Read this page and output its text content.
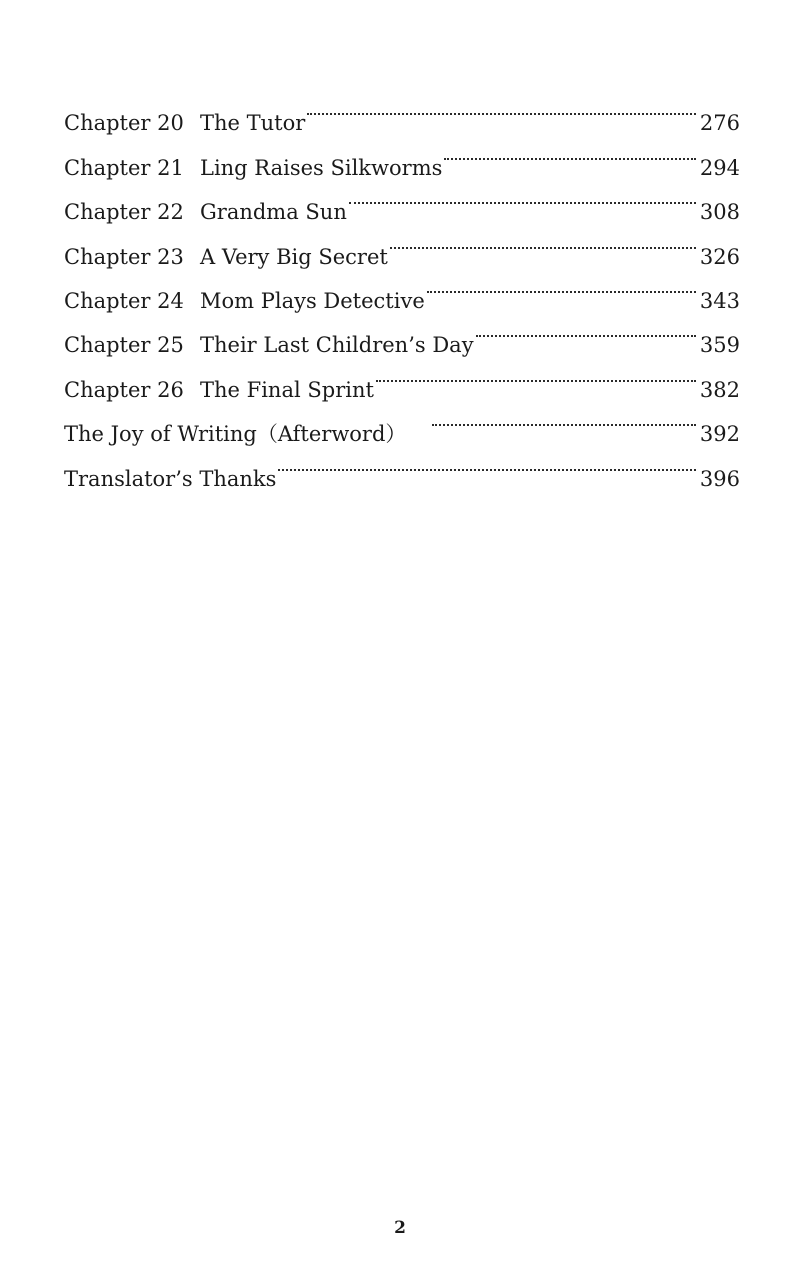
Chapter 20 The Tutor	276
Chapter 21 Ling Raises Silkworms	294
Chapter 22 Grandma Sun	308
Chapter 23 A Very Big Secret	326
Chapter 24 Mom Plays Detective	343
Chapter 25 Their Last Children’s Day	359
Chapter 26 The Final Sprint	382
The Joy of Writing（Afterword）	392
Translator’s Thanks	396
2
